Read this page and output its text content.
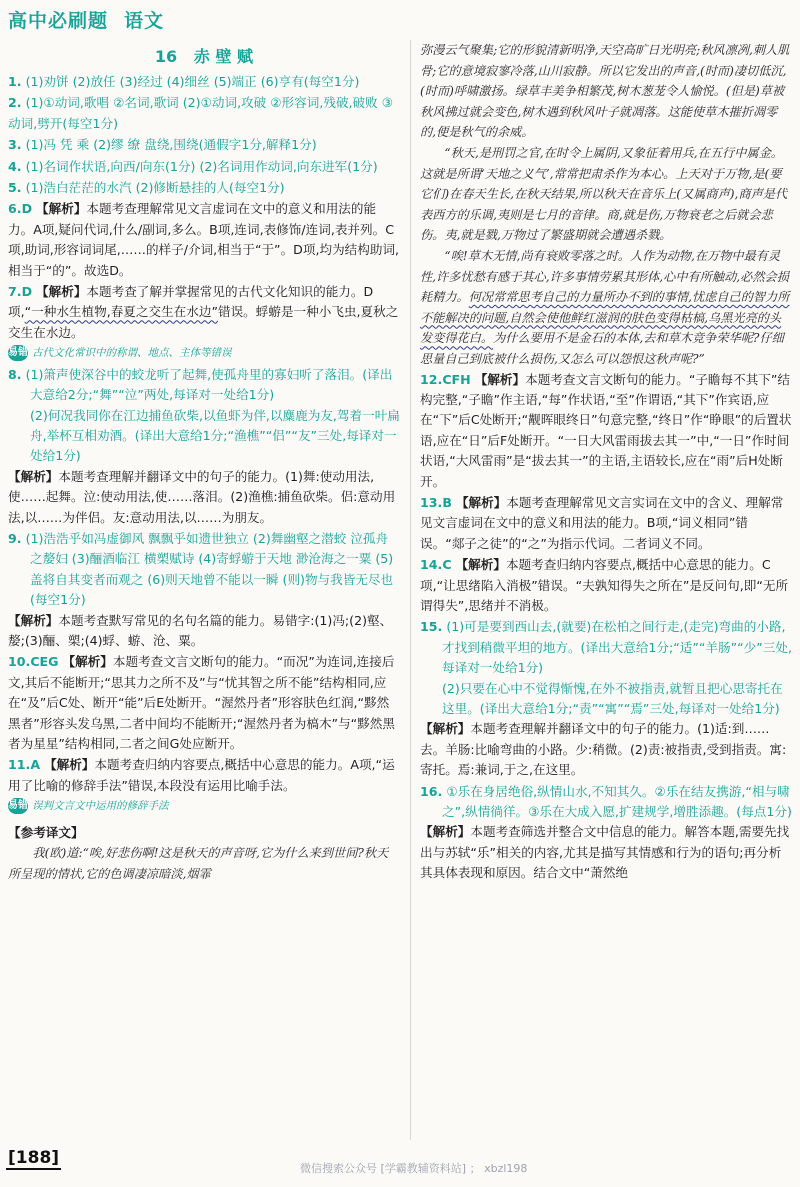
高中必刷题 语文
16 赤 壁 赋
1. (1)劝饼 (2)放任 (3)经过 (4)细丝 (5)端正 (6)亨有(每空1分)
2. (1)①动词,歌唱 ②名词,歌词 (2)①动词,攻破 ②形容词,残破,破败 ③动词,劈开(每空1分)
3. (1)冯 凭 乘 (2)缪 缭 盘绕,围绕(通假字1分,解释1分)
4. (1)名词作状语,向西/向东(1分) (2)名词用作动词,向东进军(1分)
5. (1)浩白茫茫的水汽 (2)修断悬挂的人(每空1分)
6.D 【解析】本题考查理解常见文言虚词在文中的意义和用法的能力。A项,疑问代词,什么/副词,多么。B项,连词,表修饰/连词,表并列。C项,助词,形容词词尾,……的样子/介词,相当于“于”。D项,均为结构助词,相当于“的”。故选D。
7.D 【解析】本题考查了解并掌握常见的古代文化知识的能力。D项,“一种水生植物,春夏之交生在水边”错误。蜉蝣是一种小飞虫,夏秋之交生在水边。
易错 古代文化常识中的称谓、地点、主体等错误
8. (1)箫声使深谷中的蛟龙听了起舞,使孤舟里的寡妇听了落泪。(译出大意给2分;“舞”“泣”两处,每译对一处给1分)
(2)何况我同你在江边捕鱼砍柴,以鱼虾为伴,以麋鹿为友,驾着一叶扁舟,举杯互相劝酒。(译出大意给1分;“渔樵”“侣”“友”三处,每译对一处给1分)
【解析】本题考查理解并翻译文中的句子的能力。(1)舞:使动用法,使……起舞。泣:使动用法,使……落泪。(2)渔樵:捕鱼砍柴。侣:意动用法,以……为伴侣。友:意动用法,以……为朋友。
9. (1)浩浩乎如冯虚御风 飘飘乎如遗世独立 (2)舞幽壑之潜蛟 泣孤舟之嫠妇 (3)酾酒临江 横槊赋诗 (4)寄蜉蝣于天地 渺沧海之一粟 (5)盖将自其变者而观之 (6)则天地曾不能以一瞬 (则)物与我皆无尽也(每空1分)
【解析】本题考查默写常见的名句名篇的能力。易错字:(1)冯;(2)壑、嫠;(3)酾、槊;(4)蜉、蝣、沧、粟。
10.CEG 【解析】本题考查文言文断句的能力。“而况”为连词,连接后文,其后不能断开;“思其力之所不及”与“忧其智之所不能”结构相同,应在“及”后C处、断开“能”后E处断开。“渥然丹者”形容肤色红润,“黟然黑者”形容头发乌黑,二者中间均不能断开;“渥然丹者为槁木”与“黟然黑者为星星”结构相同,二者之间G处应断开。
11.A 【解析】本题考查归纳内容要点,概括中心意思的能力。A项,“运用了比喻的修辞手法”错误,本段没有运用比喻手法。
易错 误判文言文中运用的修辞手法
【参考译文】
我(欧)道:“唉,好悲伤啊!这是秋天的声音呀,它为什么来到世间?秋天所呈现的情状,它的色调凄凉暗淡,烟霏
弥漫云气聚集;它的形貌清新明净,天空高旷日光明亮;秋风凛冽,刺人肌骨;它的意境寂寥冷落,山川寂静。所以它发出的声音,(时而)凄切低沉,(时而)呼啸激扬。绿草丰美争相繁茂,树木葱茏令人愉悦。(但是)草被秋风拂过就会变色,树木遇到秋风叶子就凋落。这能使草木摧折凋零的,便是秋气的余威。
“秋天,是刑罚之官,在时令上属阴,又象征着用兵,在五行中属金。这就是所谓‘天地之义气’,常常把肃杀作为本心。上天对于万物,是(要它们)在春天生长,在秋天结果,所以秋天在音乐上(又属商声),商声是代表西方的乐调,夷则是七月的音律。商,就是伤,万物衰老之后就会悲伤。夷,就是戮,万物过了繁盛期就会遭遇杀戮。
“唉!草木无情,尚有衰败零落之时。人作为动物,在万物中最有灵性,许多忧愁有感于其心,许多事情劳累其形体,心中有所触动,必然会损耗精力。何况常常思考自己的力量所办不到的事情,忧虑自己的智力所不能解决的问题,自然会使他鲜红滋润的肤色变得枯槁,乌黑光亮的头发变得花白。为什么要用不是金石的本体,去和草木竞争荣华呢?仔细思量自己到底被什么损伤,又怎么可以怨恨这秋声呢?”
12.CFH 【解析】本题考查文言文断句的能力。“子瞻每不其下”结构完整,“子瞻”作主语,“每”作状语,“至”作谓语,“其下”作宾语,应在“下”后C处断开;“觏晖眼终日”句意完整,“终日”作“睁眼”的后置状语,应在“日”后F处断开。“一日大风雷雨拔去其一”中,“一日”作时间状语,“大风雷雨”是“拔去其一”的主语,主语较长,应在“雨”后H处断开。
13.B 【解析】本题考查理解常见文言实词在文中的含义、理解常见文言虚词在文中的意义和用法的能力。B项,“词义相同”错误。“郯子之徒”的“之”为指示代词。二者词义不同。
14.C 【解析】本题考查归纳内容要点,概括中心意思的能力。C项,“让思绪陷入消极”错误。“夫孰知得失之所在”是反问句,即“无所谓得失”,思绪并不消极。
15. (1)可是要到西山去,(就要)在松柏之间行走,(走完)弯曲的小路,才找到稍微平坦的地方。(译出大意给1分;“适”“羊肠”“少”三处,每译对一处给1分)
(2)只要在心中不觉得惭愧,在外不被指责,就暂且把心思寄托在这里。(译出大意给1分;“责”“寓”“焉”三处,每译对一处给1分)
【解析】本题考查理解并翻译文中的句子的能力。(1)适:到……去。羊肠:比喻弯曲的小路。少:稍微。(2)责:被指责,受到指责。寓:寄托。焉:兼词,于之,在这里。
16. ①乐在身居绝俗,纵情山水,不知其久。②乐在结友携游,“相与啸之”,纵情徜徉。③乐在大成入愿,扩建规学,增胜添趣。(每点1分)
【解析】本题考查筛选并整合文中信息的能力。解答本题,需要先找出与苏轼“乐”相关的内容,尤其是描写其情感和行为的语句;再分析其具体表现和原因。结合文中“萧然绝
[ 188 ]
微信搜索公众号 [学霸教辅资料站] ； xbzl198
